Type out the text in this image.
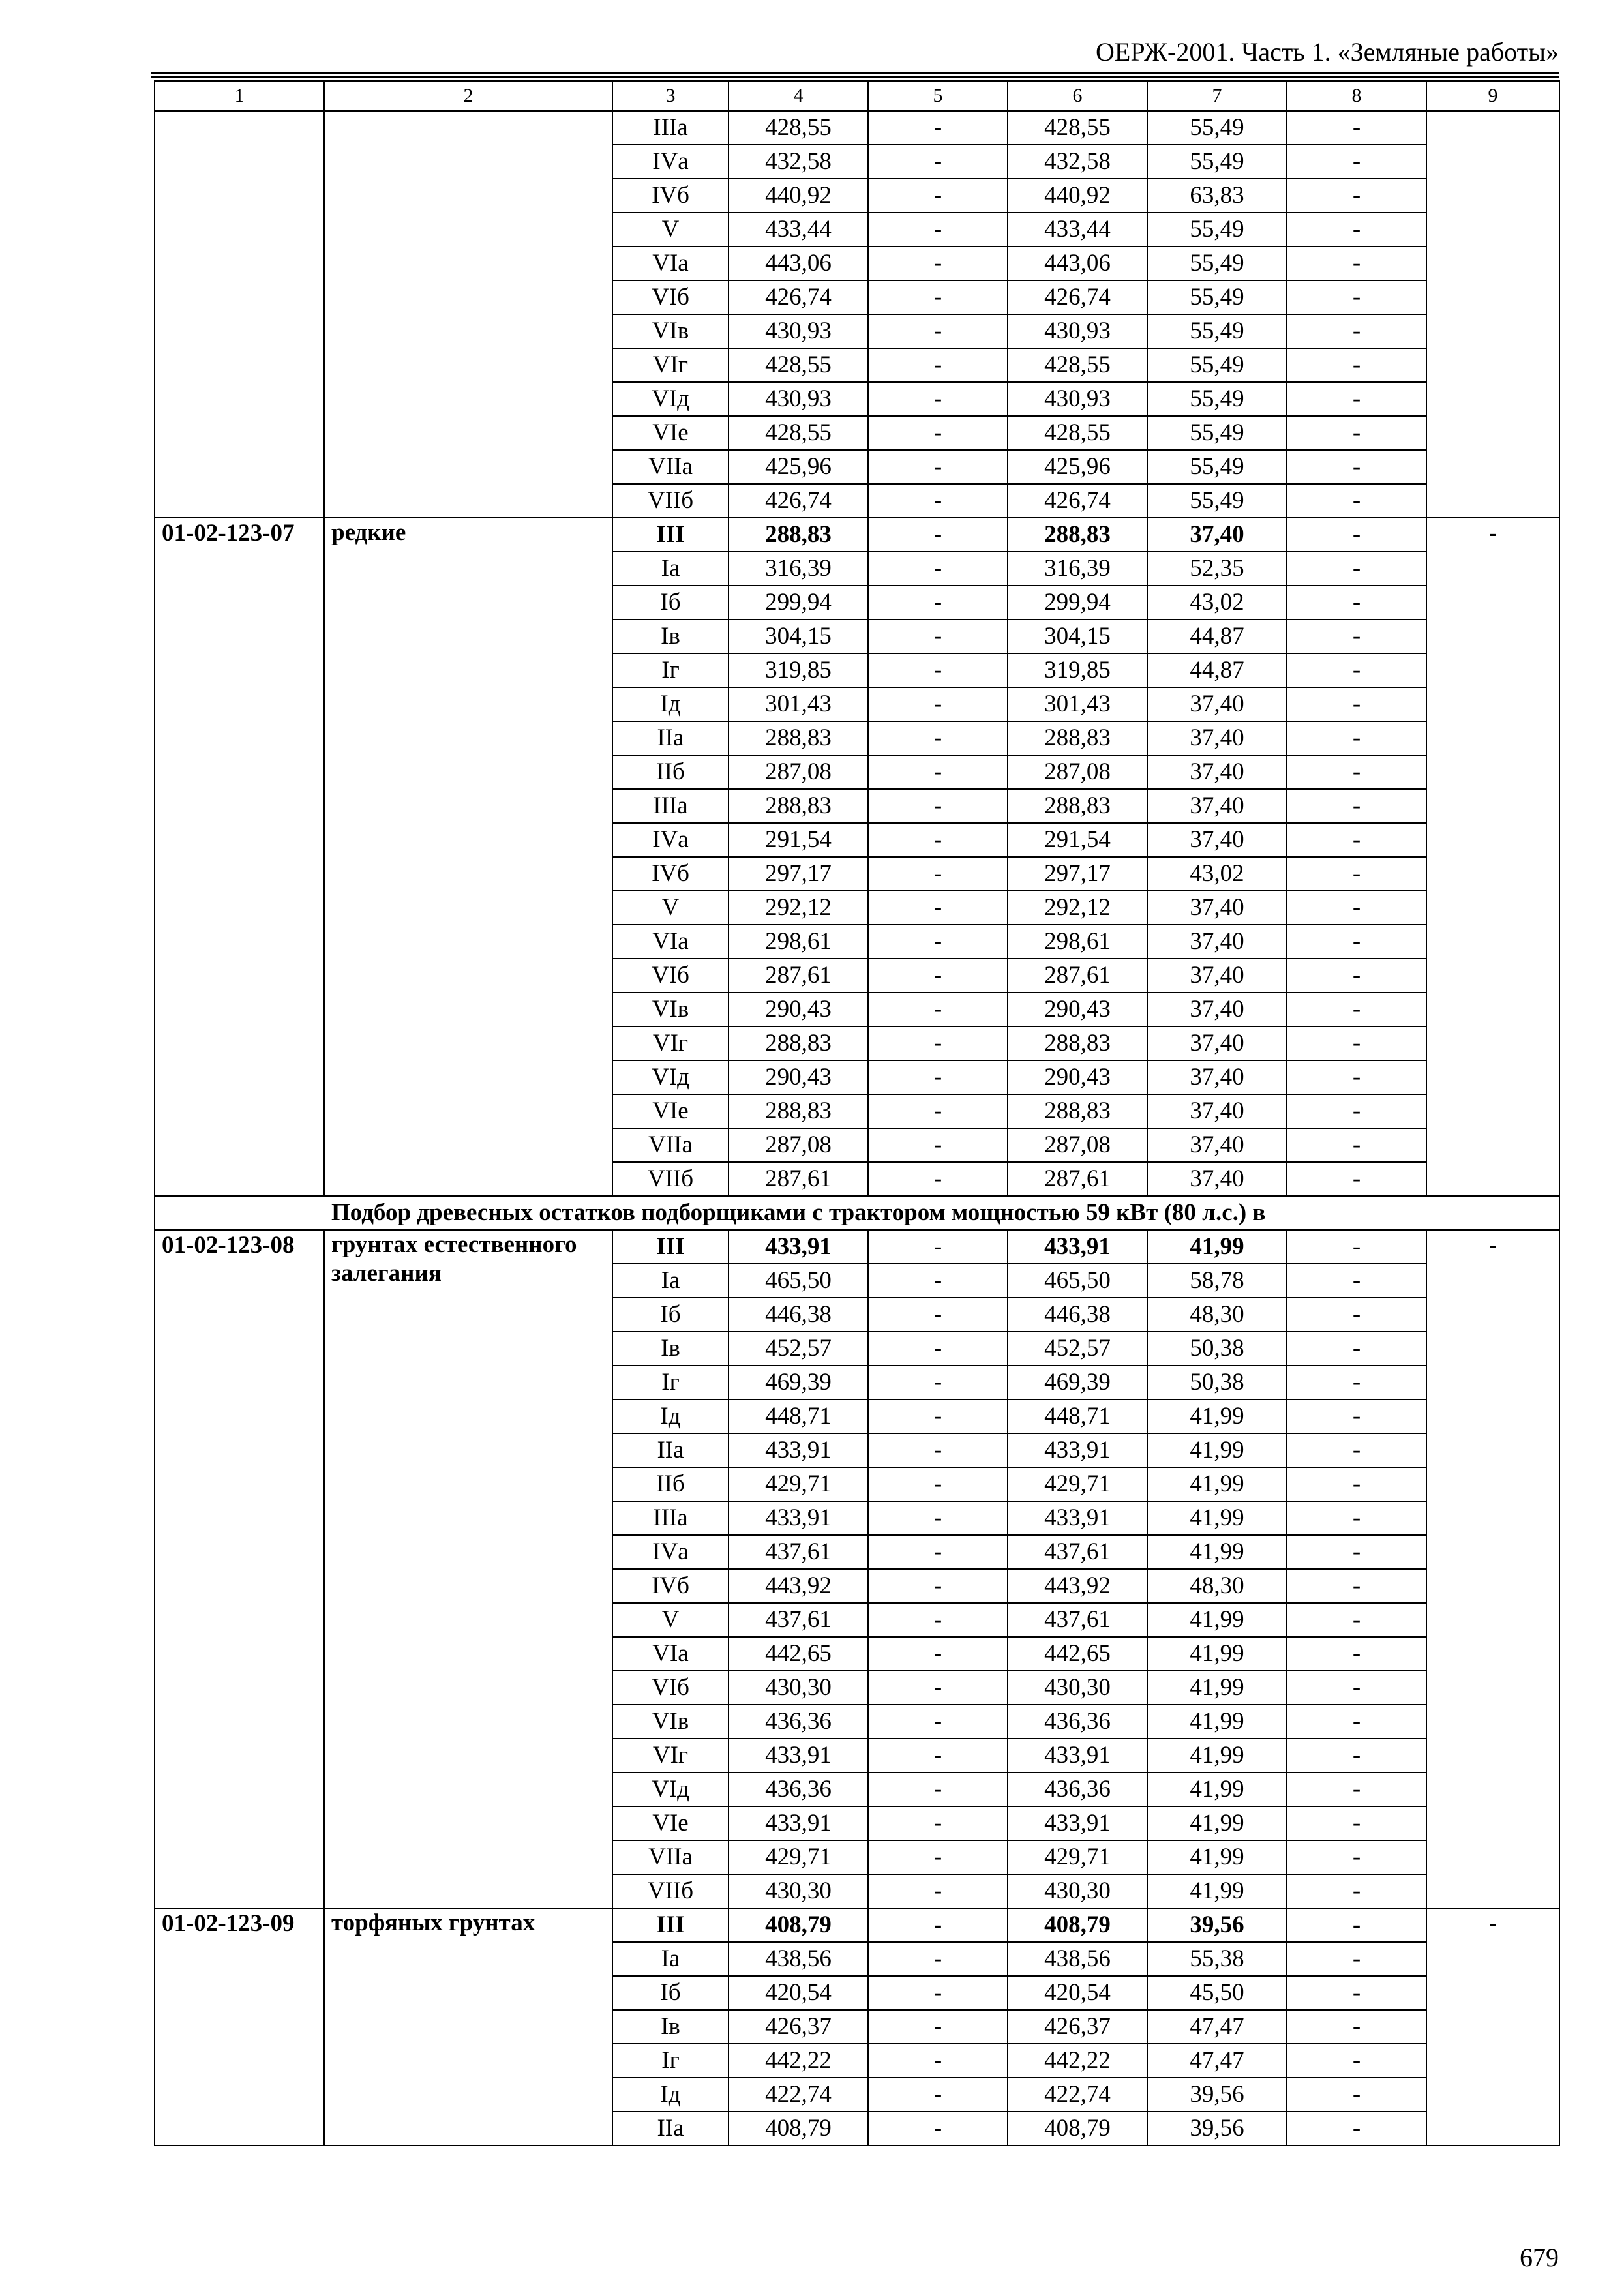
ОЕРЖ-2001. Часть 1. «Земляные работы»
1	2	3	4	5	6	7	8	9
		IIIа	428,55	-	428,55	55,49	-	
		IVа	432,58	-	432,58	55,49	-	
		IVб	440,92	-	440,92	63,83	-	
		V	433,44	-	433,44	55,49	-	
		VIа	443,06	-	443,06	55,49	-	
		VIб	426,74	-	426,74	55,49	-	
		VIв	430,93	-	430,93	55,49	-	
		VIг	428,55	-	428,55	55,49	-	
		VIд	430,93	-	430,93	55,49	-	
		VIе	428,55	-	428,55	55,49	-	
		VIIа	425,96	-	425,96	55,49	-	
		VIIб	426,74	-	426,74	55,49	-	
01-02-123-07	редкие	III	288,83	-	288,83	37,40	-	-
		Iа	316,39	-	316,39	52,35	-	
		Iб	299,94	-	299,94	43,02	-	
		Iв	304,15	-	304,15	44,87	-	
		Iг	319,85	-	319,85	44,87	-	
		Iд	301,43	-	301,43	37,40	-	
		IIа	288,83	-	288,83	37,40	-	
		IIб	287,08	-	287,08	37,40	-	
		IIIа	288,83	-	288,83	37,40	-	
		IVа	291,54	-	291,54	37,40	-	
		IVб	297,17	-	297,17	43,02	-	
		V	292,12	-	292,12	37,40	-	
		VIа	298,61	-	298,61	37,40	-	
		VIб	287,61	-	287,61	37,40	-	
		VIв	290,43	-	290,43	37,40	-	
		VIг	288,83	-	288,83	37,40	-	
		VIд	290,43	-	290,43	37,40	-	
		VIе	288,83	-	288,83	37,40	-	
		VIIа	287,08	-	287,08	37,40	-	
		VIIб	287,61	-	287,61	37,40	-	
Подбор древесных остатков подборщиками с трактором мощностью 59 кВт (80 л.с.) в								
01-02-123-08	грунтах естественного залегания	III	433,91	-	433,91	41,99	-	-
		Iа	465,50	-	465,50	58,78	-	
		Iб	446,38	-	446,38	48,30	-	
		Iв	452,57	-	452,57	50,38	-	
		Iг	469,39	-	469,39	50,38	-	
		Iд	448,71	-	448,71	41,99	-	
		IIа	433,91	-	433,91	41,99	-	
		IIб	429,71	-	429,71	41,99	-	
		IIIа	433,91	-	433,91	41,99	-	
		IVа	437,61	-	437,61	41,99	-	
		IVб	443,92	-	443,92	48,30	-	
		V	437,61	-	437,61	41,99	-	
		VIа	442,65	-	442,65	41,99	-	
		VIб	430,30	-	430,30	41,99	-	
		VIв	436,36	-	436,36	41,99	-	
		VIг	433,91	-	433,91	41,99	-	
		VIд	436,36	-	436,36	41,99	-	
		VIе	433,91	-	433,91	41,99	-	
		VIIа	429,71	-	429,71	41,99	-	
		VIIб	430,30	-	430,30	41,99	-	
01-02-123-09	торфяных грунтах	III	408,79	-	408,79	39,56	-	-
		Iа	438,56	-	438,56	55,38	-	
		Iб	420,54	-	420,54	45,50	-	
		Iв	426,37	-	426,37	47,47	-	
		Iг	442,22	-	442,22	47,47	-	
		Iд	422,74	-	422,74	39,56	-	
		IIа	408,79	-	408,79	39,56	-	
679
